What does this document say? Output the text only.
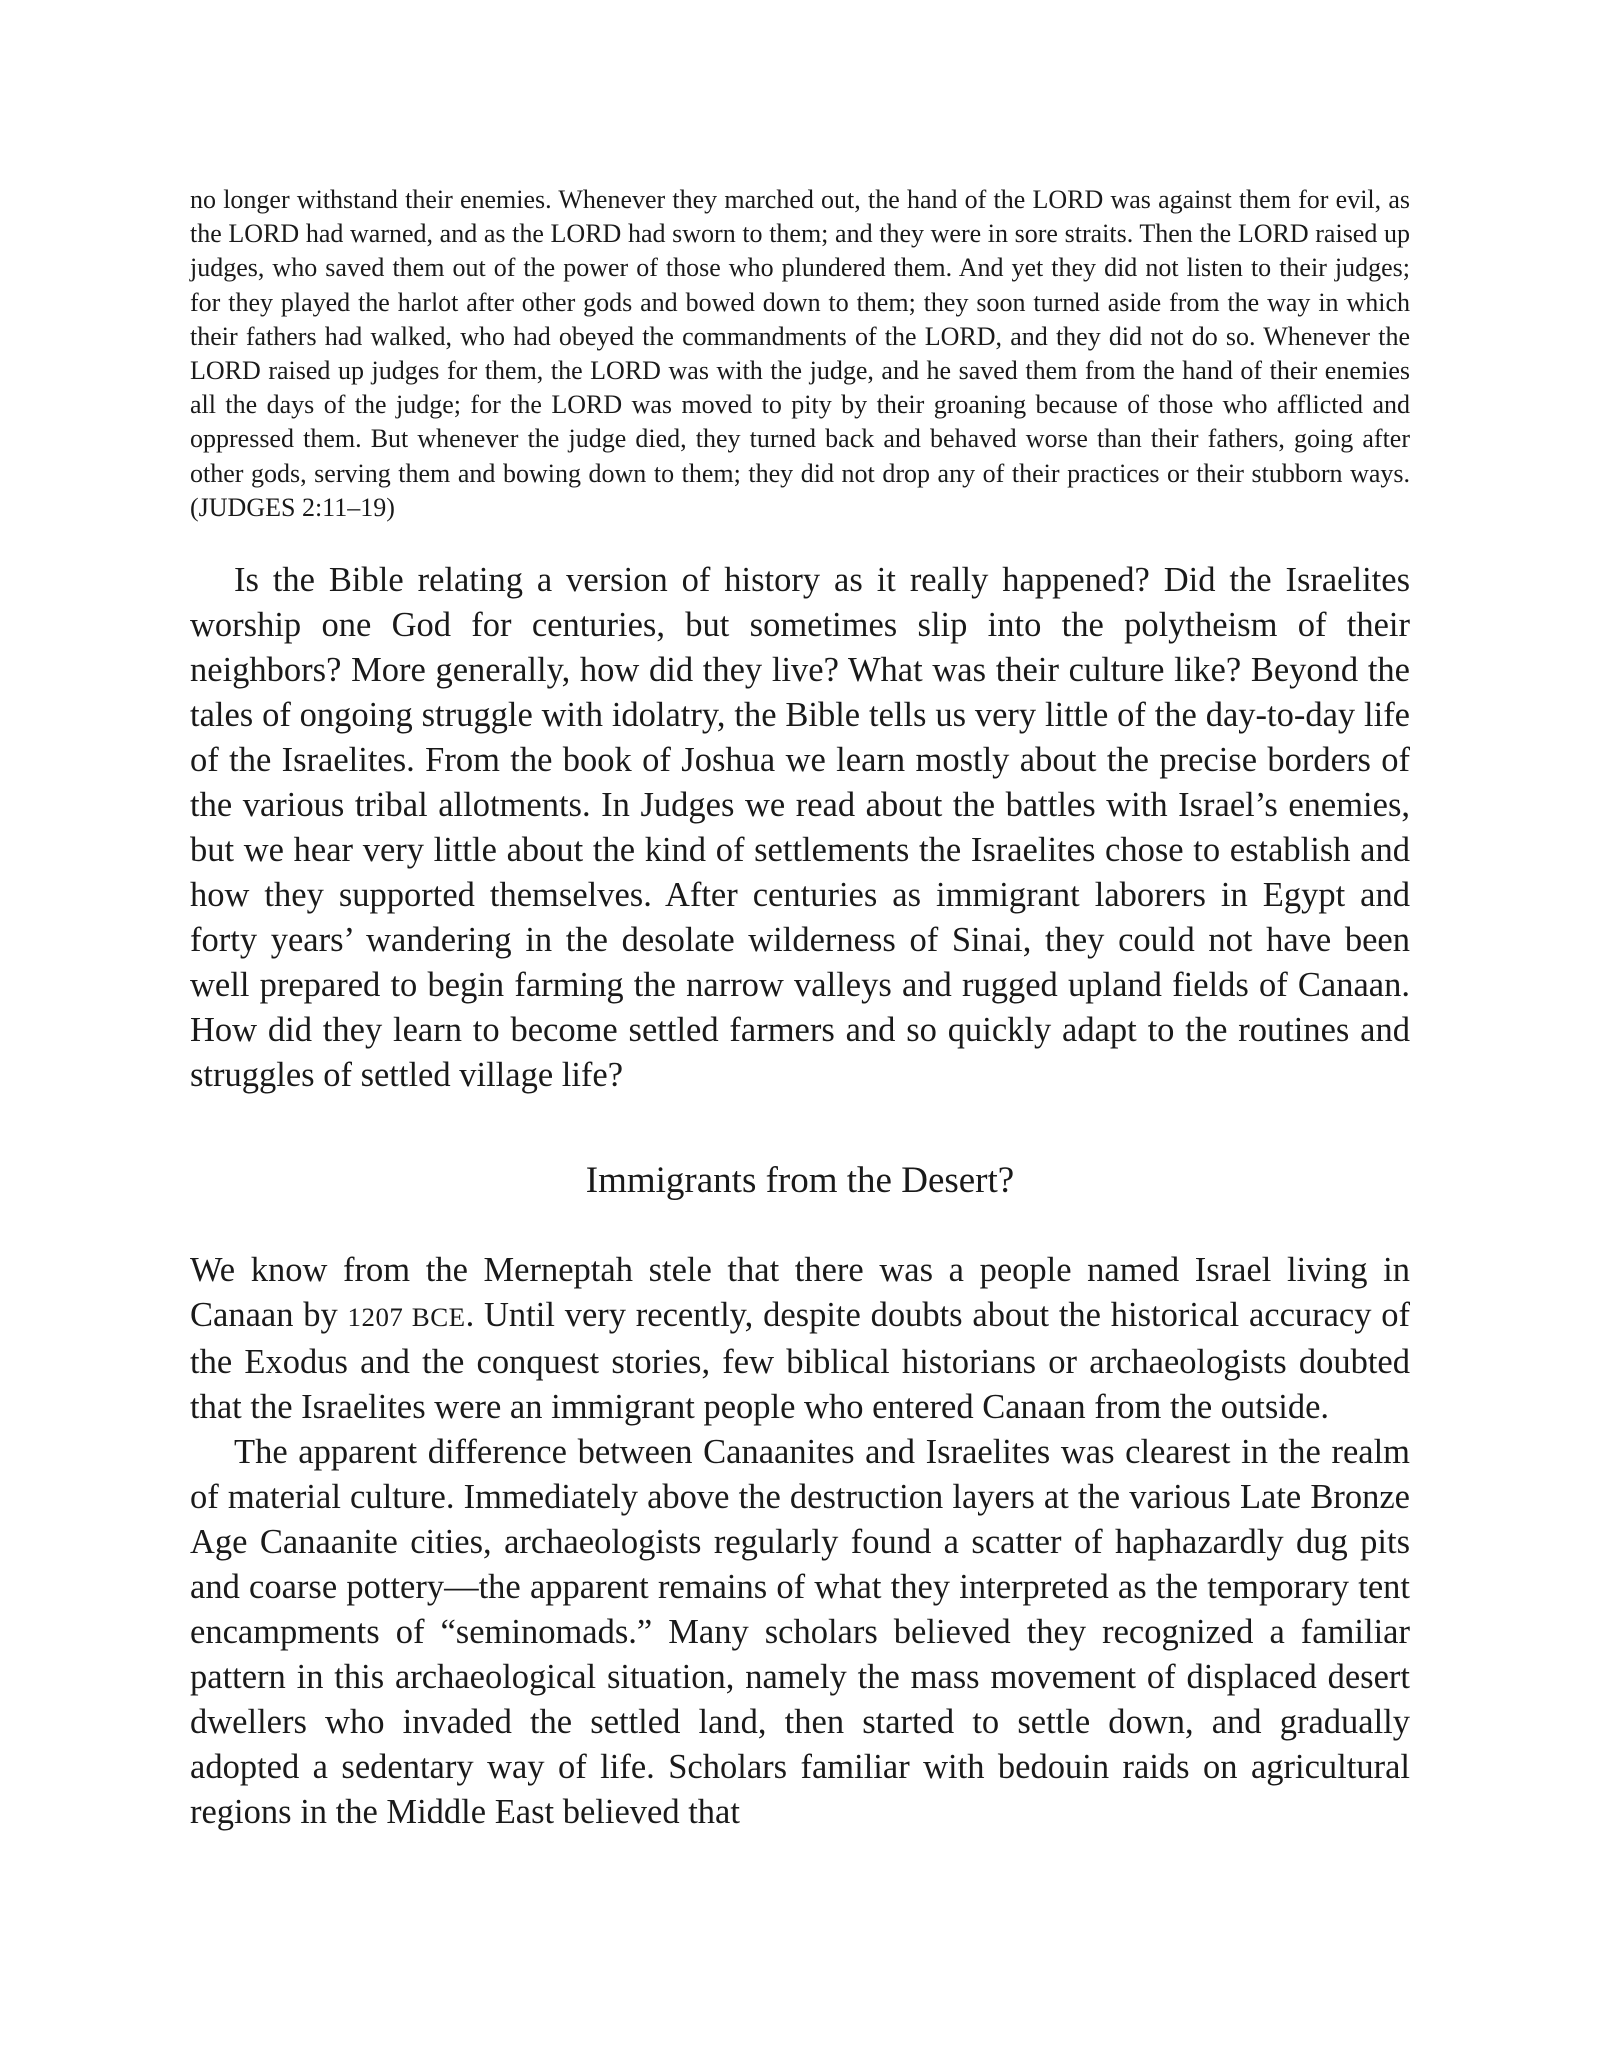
no longer withstand their enemies. Whenever they marched out, the hand of the LORD was against them for evil, as the LORD had warned, and as the LORD had sworn to them; and they were in sore straits. Then the LORD raised up judges, who saved them out of the power of those who plundered them. And yet they did not listen to their judges; for they played the harlot after other gods and bowed down to them; they soon turned aside from the way in which their fathers had walked, who had obeyed the commandments of the LORD, and they did not do so. Whenever the LORD raised up judges for them, the LORD was with the judge, and he saved them from the hand of their enemies all the days of the judge; for the LORD was moved to pity by their groaning because of those who afflicted and oppressed them. But whenever the judge died, they turned back and behaved worse than their fathers, going after other gods, serving them and bowing down to them; they did not drop any of their practices or their stubborn ways. (JUDGES 2:11–19)

Is the Bible relating a version of history as it really happened? Did the Israelites worship one God for centuries, but sometimes slip into the polytheism of their neighbors? More generally, how did they live? What was their culture like? Beyond the tales of ongoing struggle with idolatry, the Bible tells us very little of the day-to-day life of the Israelites. From the book of Joshua we learn mostly about the precise borders of the various tribal allotments. In Judges we read about the battles with Israel’s enemies, but we hear very little about the kind of settlements the Israelites chose to establish and how they supported themselves. After centuries as immigrant laborers in Egypt and forty years’ wandering in the desolate wilderness of Sinai, they could not have been well prepared to begin farming the narrow valleys and rugged upland fields of Canaan. How did they learn to become settled farmers and so quickly adapt to the routines and struggles of settled village life?

Immigrants from the Desert?

We know from the Merneptah stele that there was a people named Israel living in Canaan by 1207 BCE. Until very recently, despite doubts about the historical accuracy of the Exodus and the conquest stories, few biblical historians or archaeologists doubted that the Israelites were an immigrant people who entered Canaan from the outside.

The apparent difference between Canaanites and Israelites was clearest in the realm of material culture. Immediately above the destruction layers at the various Late Bronze Age Canaanite cities, archaeologists regularly found a scatter of haphazardly dug pits and coarse pottery—the apparent remains of what they interpreted as the temporary tent encampments of “seminomads.” Many scholars believed they recognized a familiar pattern in this archaeological situation, namely the mass movement of displaced desert dwellers who invaded the settled land, then started to settle down, and gradually adopted a sedentary way of life. Scholars familiar with bedouin raids on agricultural regions in the Middle East believed that
